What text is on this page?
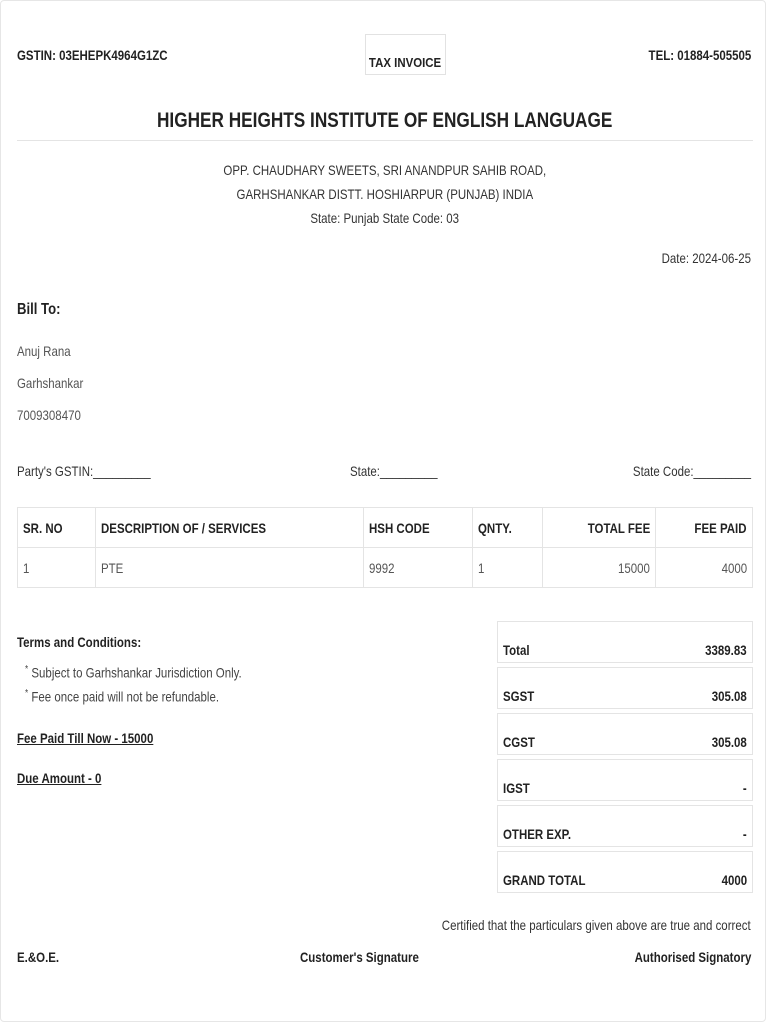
GSTIN: 03EHEPK4964G1ZC	TAX INVOICE	TEL: 01884-505505
HIGHER HEIGHTS INSTITUTE OF ENGLISH LANGUAGE
OPP. CHAUDHARY SWEETS, SRI ANANDPUR SAHIB ROAD,
GARHSHANKAR DISTT. HOSHIARPUR (PUNJAB) INDIA
State: Punjab State Code: 03
Date: 2024-06-25
Bill To:
Anuj Rana
Garhshankar
7009308470
Party's GSTIN:_________	State:_________	State Code:_________
SR. NO	DESCRIPTION OF / SERVICES	HSH CODE	QNTY.	TOTAL FEE	FEE PAID
1	PTE	9992	1	15000	4000
Terms and Conditions:
* Subject to Garhshankar Jurisdiction Only.
* Fee once paid will not be refundable.
Fee Paid Till Now - 15000
Due Amount - 0
Total	3389.83
SGST	305.08
CGST	305.08
IGST	-
OTHER EXP.	-
GRAND TOTAL	4000
Certified that the particulars given above are true and correct
E.&O.E.	Customer's Signature	Authorised Signatory
